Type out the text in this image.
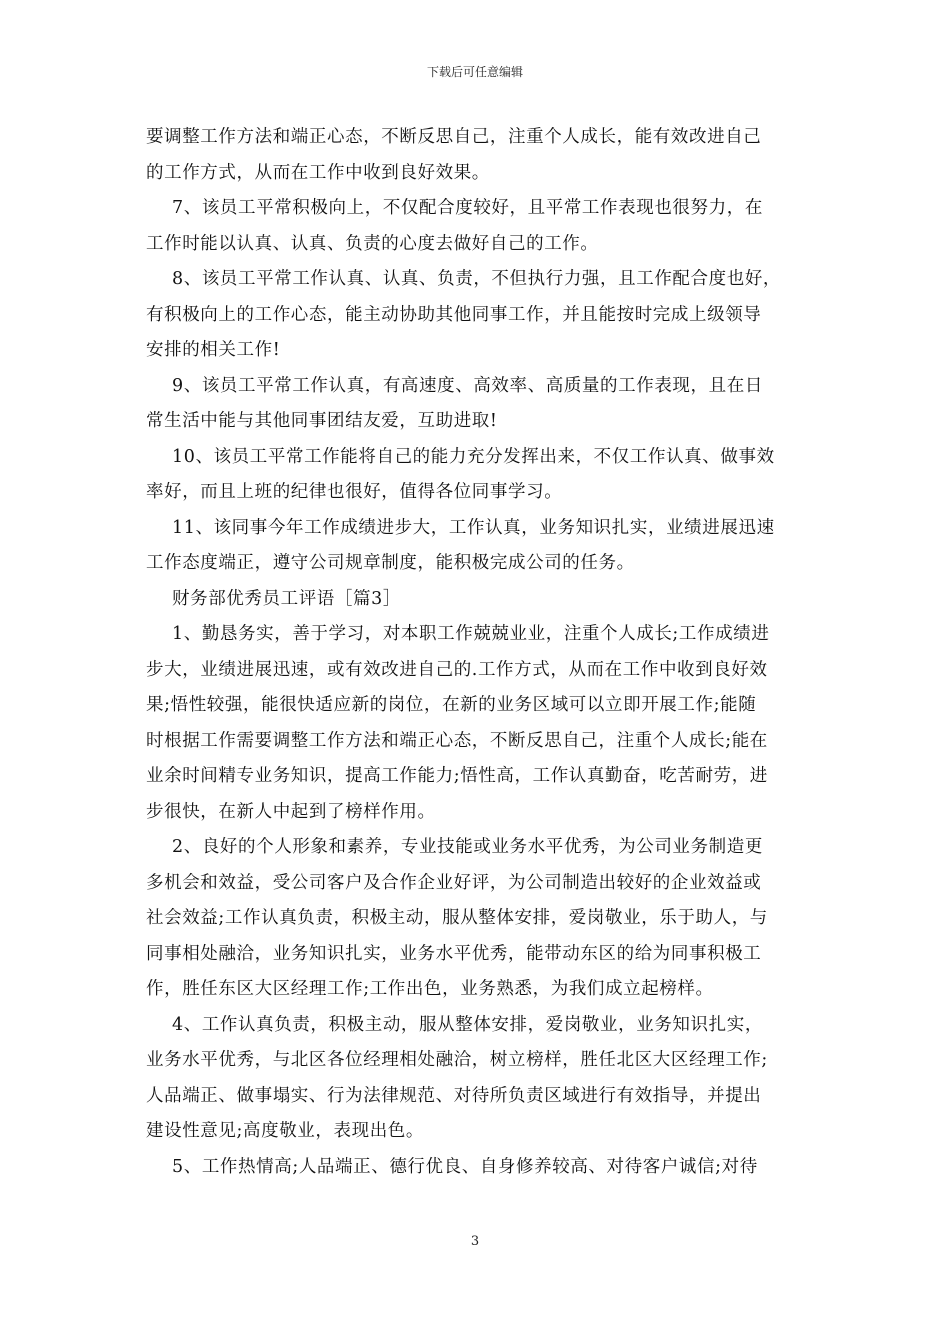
下载后可任意编辑
要调整工作方法和端正心态，不断反思自己，注重个人成长，能有效改进自己
的工作方式，从而在工作中收到良好效果。
7、该员工平常积极向上，不仅配合度较好，且平常工作表现也很努力，在
工作时能以认真、认真、负责的心度去做好自己的工作。
8、该员工平常工作认真、认真、负责，不但执行力强，且工作配合度也好，
有积极向上的工作心态，能主动协助其他同事工作，并且能按时完成上级领导
安排的相关工作!
9、该员工平常工作认真，有高速度、高效率、高质量的工作表现，且在日
常生活中能与其他同事团结友爱，互助进取!
10、该员工平常工作能将自己的能力充分发挥出来，不仅工作认真、做事效
率好，而且上班的纪律也很好，值得各位同事学习。
11、该同事今年工作成绩进步大，工作认真，业务知识扎实，业绩进展迅速
工作态度端正，遵守公司规章制度，能积极完成公司的任务。
财务部优秀员工评语［篇3］
1、勤恳务实，善于学习，对本职工作兢兢业业，注重个人成长;工作成绩进
步大，业绩进展迅速，或有效改进自己的.工作方式，从而在工作中收到良好效
果;悟性较强，能很快适应新的岗位，在新的业务区域可以立即开展工作;能随
时根据工作需要调整工作方法和端正心态，不断反思自己，注重个人成长;能在
业余时间精专业务知识，提高工作能力;悟性高，工作认真勤奋，吃苦耐劳，进
步很快，在新人中起到了榜样作用。
2、良好的个人形象和素养，专业技能或业务水平优秀，为公司业务制造更
多机会和效益，受公司客户及合作企业好评，为公司制造出较好的企业效益或
社会效益;工作认真负责，积极主动，服从整体安排，爱岗敬业，乐于助人，与
同事相处融洽，业务知识扎实，业务水平优秀，能带动东区的给为同事积极工
作，胜任东区大区经理工作;工作出色，业务熟悉，为我们成立起榜样。
4、工作认真负责，积极主动，服从整体安排，爱岗敬业，业务知识扎实，
业务水平优秀，与北区各位经理相处融洽，树立榜样，胜任北区大区经理工作;
人品端正、做事塌实、行为法律规范、对待所负责区域进行有效指导，并提出
建设性意见;高度敬业，表现出色。
5、工作热情高;人品端正、德行优良、自身修养较高、对待客户诚信;对待
3
